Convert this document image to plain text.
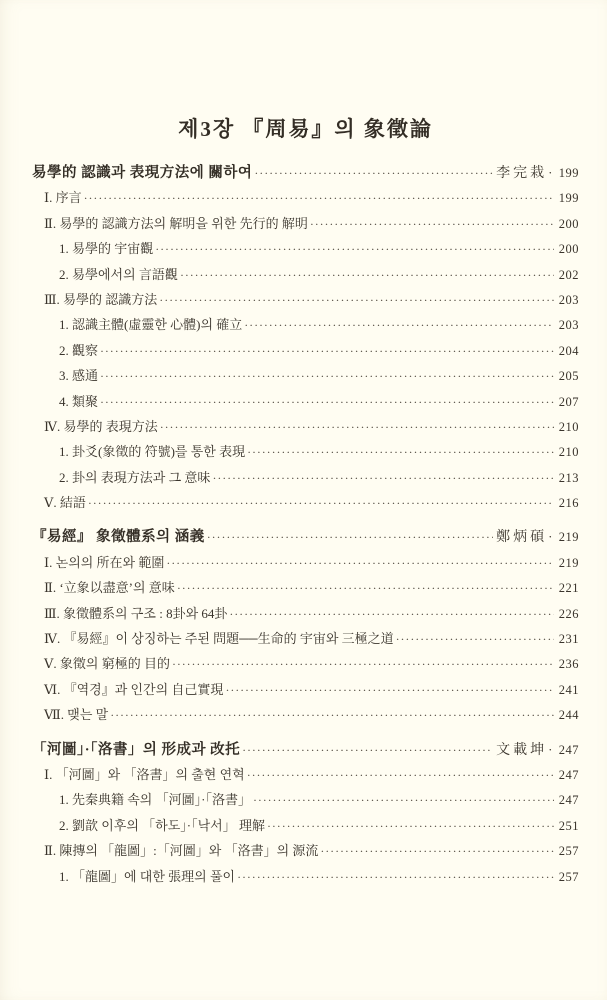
제3장 『周易』의 象徵論
易學的 認識과 表現方法에 關하여 ·····	李完栽 · 199
Ⅰ. 序言 ·····	199
Ⅱ. 易學的 認識方法의 解明을 위한 先行的 解明 ·····	200
1. 易學的 宇宙觀 ·····	200
2. 易學에서의 言語觀 ·····	202
Ⅲ. 易學的 認識方法 ·····	203
1. 認識主體(虛靈한 心體)의 確立 ·····	203
2. 觀察 ·····	204
3. 感通 ·····	205
4. 類聚 ·····	207
Ⅳ. 易學的 表現方法 ·····	210
1. 卦爻(象徵的 符號)를 통한 表現 ·····	210
2. 卦의 表現方法과 그 意味 ·····	213
Ⅴ. 結語 ·····	216
『易經』 象徵體系의 涵義 ·····	鄭炳碩 · 219
Ⅰ. 논의의 所在와 範圍 ·····	219
Ⅱ. ‘立象以盡意’의 意味 ·····	221
Ⅲ. 象徵體系의 구조 : 8卦와 64卦 ·····	226
Ⅳ. 『易經』이 상징하는 주된 問題──生命的 宇宙와 三極之道 ·····	231
Ⅴ. 象徵의 窮極的 目的 ·····	236
Ⅵ. 『역경』과 인간의 自己實現 ·····	241
Ⅶ. 맺는 말 ·····	244
「河圖」·「洛書」의 形成과 改托 ·····	文載坤 · 247
Ⅰ. 「河圖」와 「洛書」의 출현 연혁 ·····	247
1. 先秦典籍 속의 「河圖」·「洛書」 ·····	247
2. 劉歆 이후의 「하도」·「낙서」 理解 ·····	251
Ⅱ. 陳摶의 「龍圖」:「河圖」와 「洛書」의 源流 ·····	257
1. 「龍圖」에 대한 張理의 풀이 ·····	257
